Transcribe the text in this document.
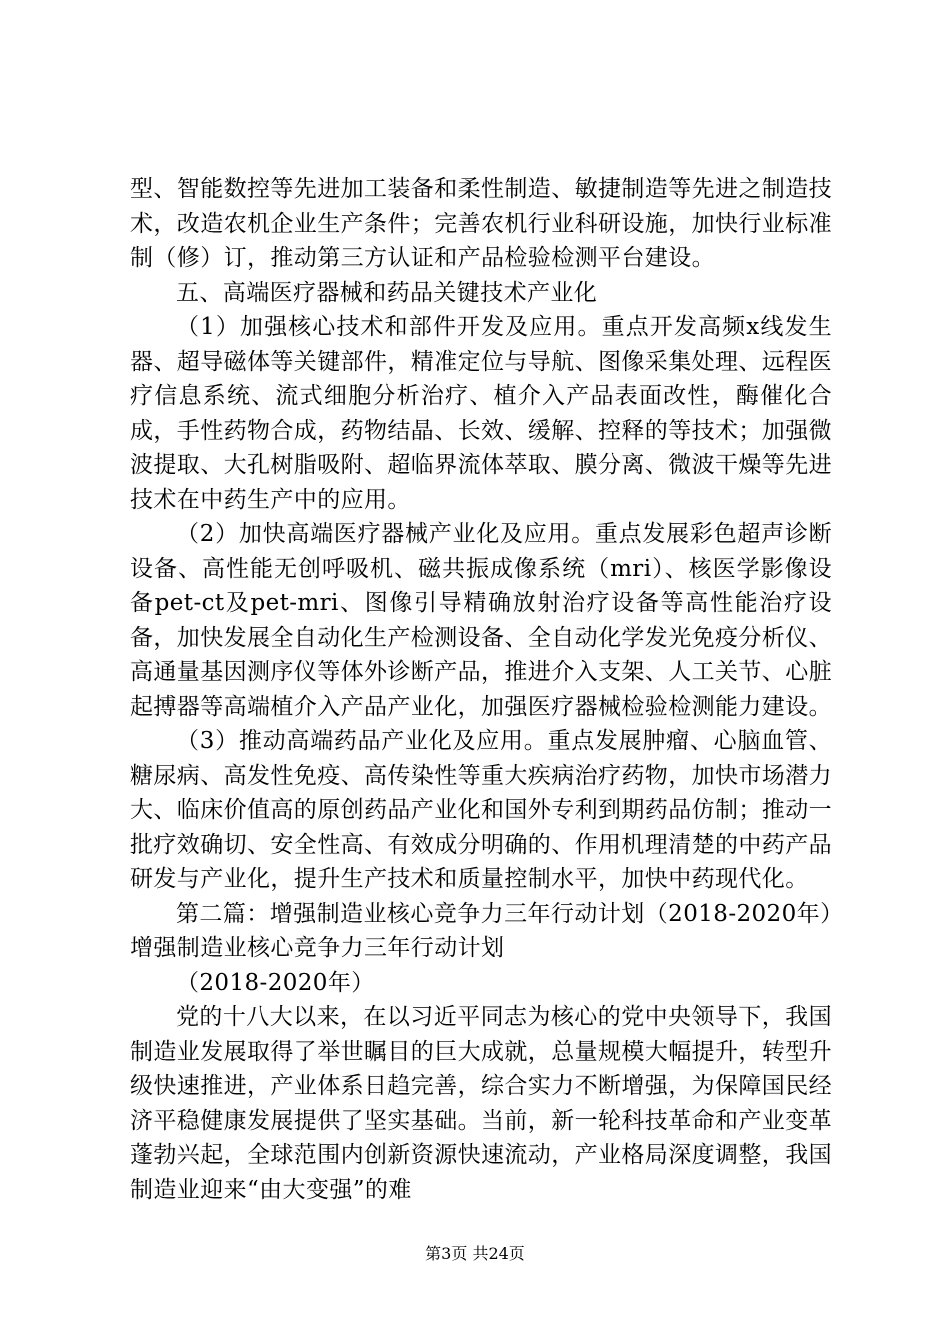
型、智能数控等先进加工装备和柔性制造、敏捷制造等先进之制造技术，改造农机企业生产条件；完善农机行业科研设施，加快行业标准制（修）订，推动第三方认证和产品检验检测平台建设。

五、高端医疗器械和药品关键技术产业化

（1）加强核心技术和部件开发及应用。重点开发高频x线发生器、超导磁体等关键部件，精准定位与导航、图像采集处理、远程医疗信息系统、流式细胞分析治疗、植介入产品表面改性，酶催化合成，手性药物合成，药物结晶、长效、缓解、控释的等技术；加强微波提取、大孔树脂吸附、超临界流体萃取、膜分离、微波干燥等先进技术在中药生产中的应用。

（2）加快高端医疗器械产业化及应用。重点发展彩色超声诊断设备、高性能无创呼吸机、磁共振成像系统（mri）、核医学影像设备pet-ct及pet-mri、图像引导精确放射治疗设备等高性能治疗设备，加快发展全自动化生产检测设备、全自动化学发光免疫分析仪、高通量基因测序仪等体外诊断产品，推进介入支架、人工关节、心脏起搏器等高端植介入产品产业化，加强医疗器械检验检测能力建设。

（3）推动高端药品产业化及应用。重点发展肿瘤、心脑血管、糖尿病、高发性免疫、高传染性等重大疾病治疗药物，加快市场潜力大、临床价值高的原创药品产业化和国外专利到期药品仿制；推动一批疗效确切、安全性高、有效成分明确的、作用机理清楚的中药产品研发与产业化，提升生产技术和质量控制水平，加快中药现代化。

第二篇：增强制造业核心竞争力三年行动计划（2018-2020年）增强制造业核心竞争力三年行动计划

（2018-2020年）

党的十八大以来，在以习近平同志为核心的党中央领导下，我国制造业发展取得了举世瞩目的巨大成就，总量规模大幅提升，转型升级快速推进，产业体系日趋完善，综合实力不断增强，为保障国民经济平稳健康发展提供了坚实基础。当前，新一轮科技革命和产业变革蓬勃兴起，全球范围内创新资源快速流动，产业格局深度调整，我国制造业迎来“由大变强”的难

第3页 共24页
